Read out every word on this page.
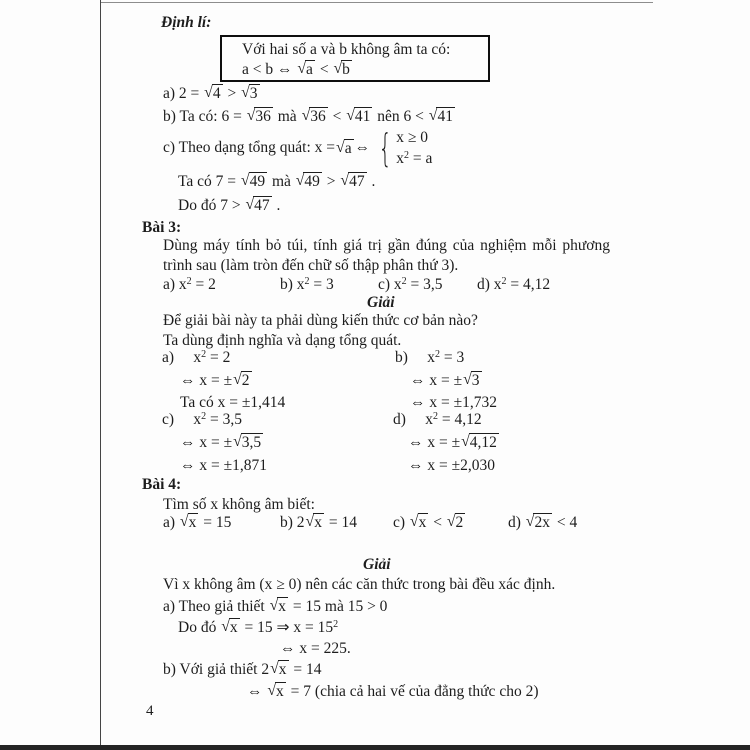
Định lí:
Với hai số a và b không âm ta có:
a < b ⇔ √a < √b
a) 2 = √4 > √3
b) Ta có: 6 = √36 mà √36 < √41 nên 6 < √41
c) Theo dạng tổng quát: x = √a ⇔ { x ≥ 0
$x^2 = a$
Ta có 7 = √49 mà √49 > √47 .
Do đó 7 > √47 .
Bài 3:
Dùng máy tính bỏ túi, tính giá trị gần đúng của nghiệm mỗi phương
trình sau (làm tròn đến chữ số thập phân thứ 3).
a) $x^2 = 2$	b) $x^2 = 3$	c) $x^2 = 3,5$ d) $x^2 = 4,12$
Giải
Để giải bài này ta phải dùng kiến thức cơ bản nào?
Ta dùng định nghĩa và dạng tổng quát.
a)  $x^2 = 2$	b)  $x^2 = 3$
⇔ x = ±√2	⇔ x = ±√3
Ta có x = ±1,414	⇔ x = ±1,732
c)  $x^2 = 3,5$	d)  $x^2 = 4,12$
⇔ x = ±√3,5	⇔ x = ±√4,12
⇔ x = ±1,871	⇔ x = ±2,030
Bài 4:
Tìm số x không âm biết:
a) √x = 15	b) 2√x = 14 c) √x < √2	d) √2x < 4
Giải
Vì x không âm (x ≥ 0) nên các căn thức trong bài đều xác định.
a) Theo giả thiết √x = 15 mà 15 > 0
Do đó √x = 15 ⇒ $x = 15^2$
⇔ x = 225.
b) Với giả thiết 2√x = 14
⇔ √x = 7 (chia cả hai vế của đẳng thức cho 2)
4
